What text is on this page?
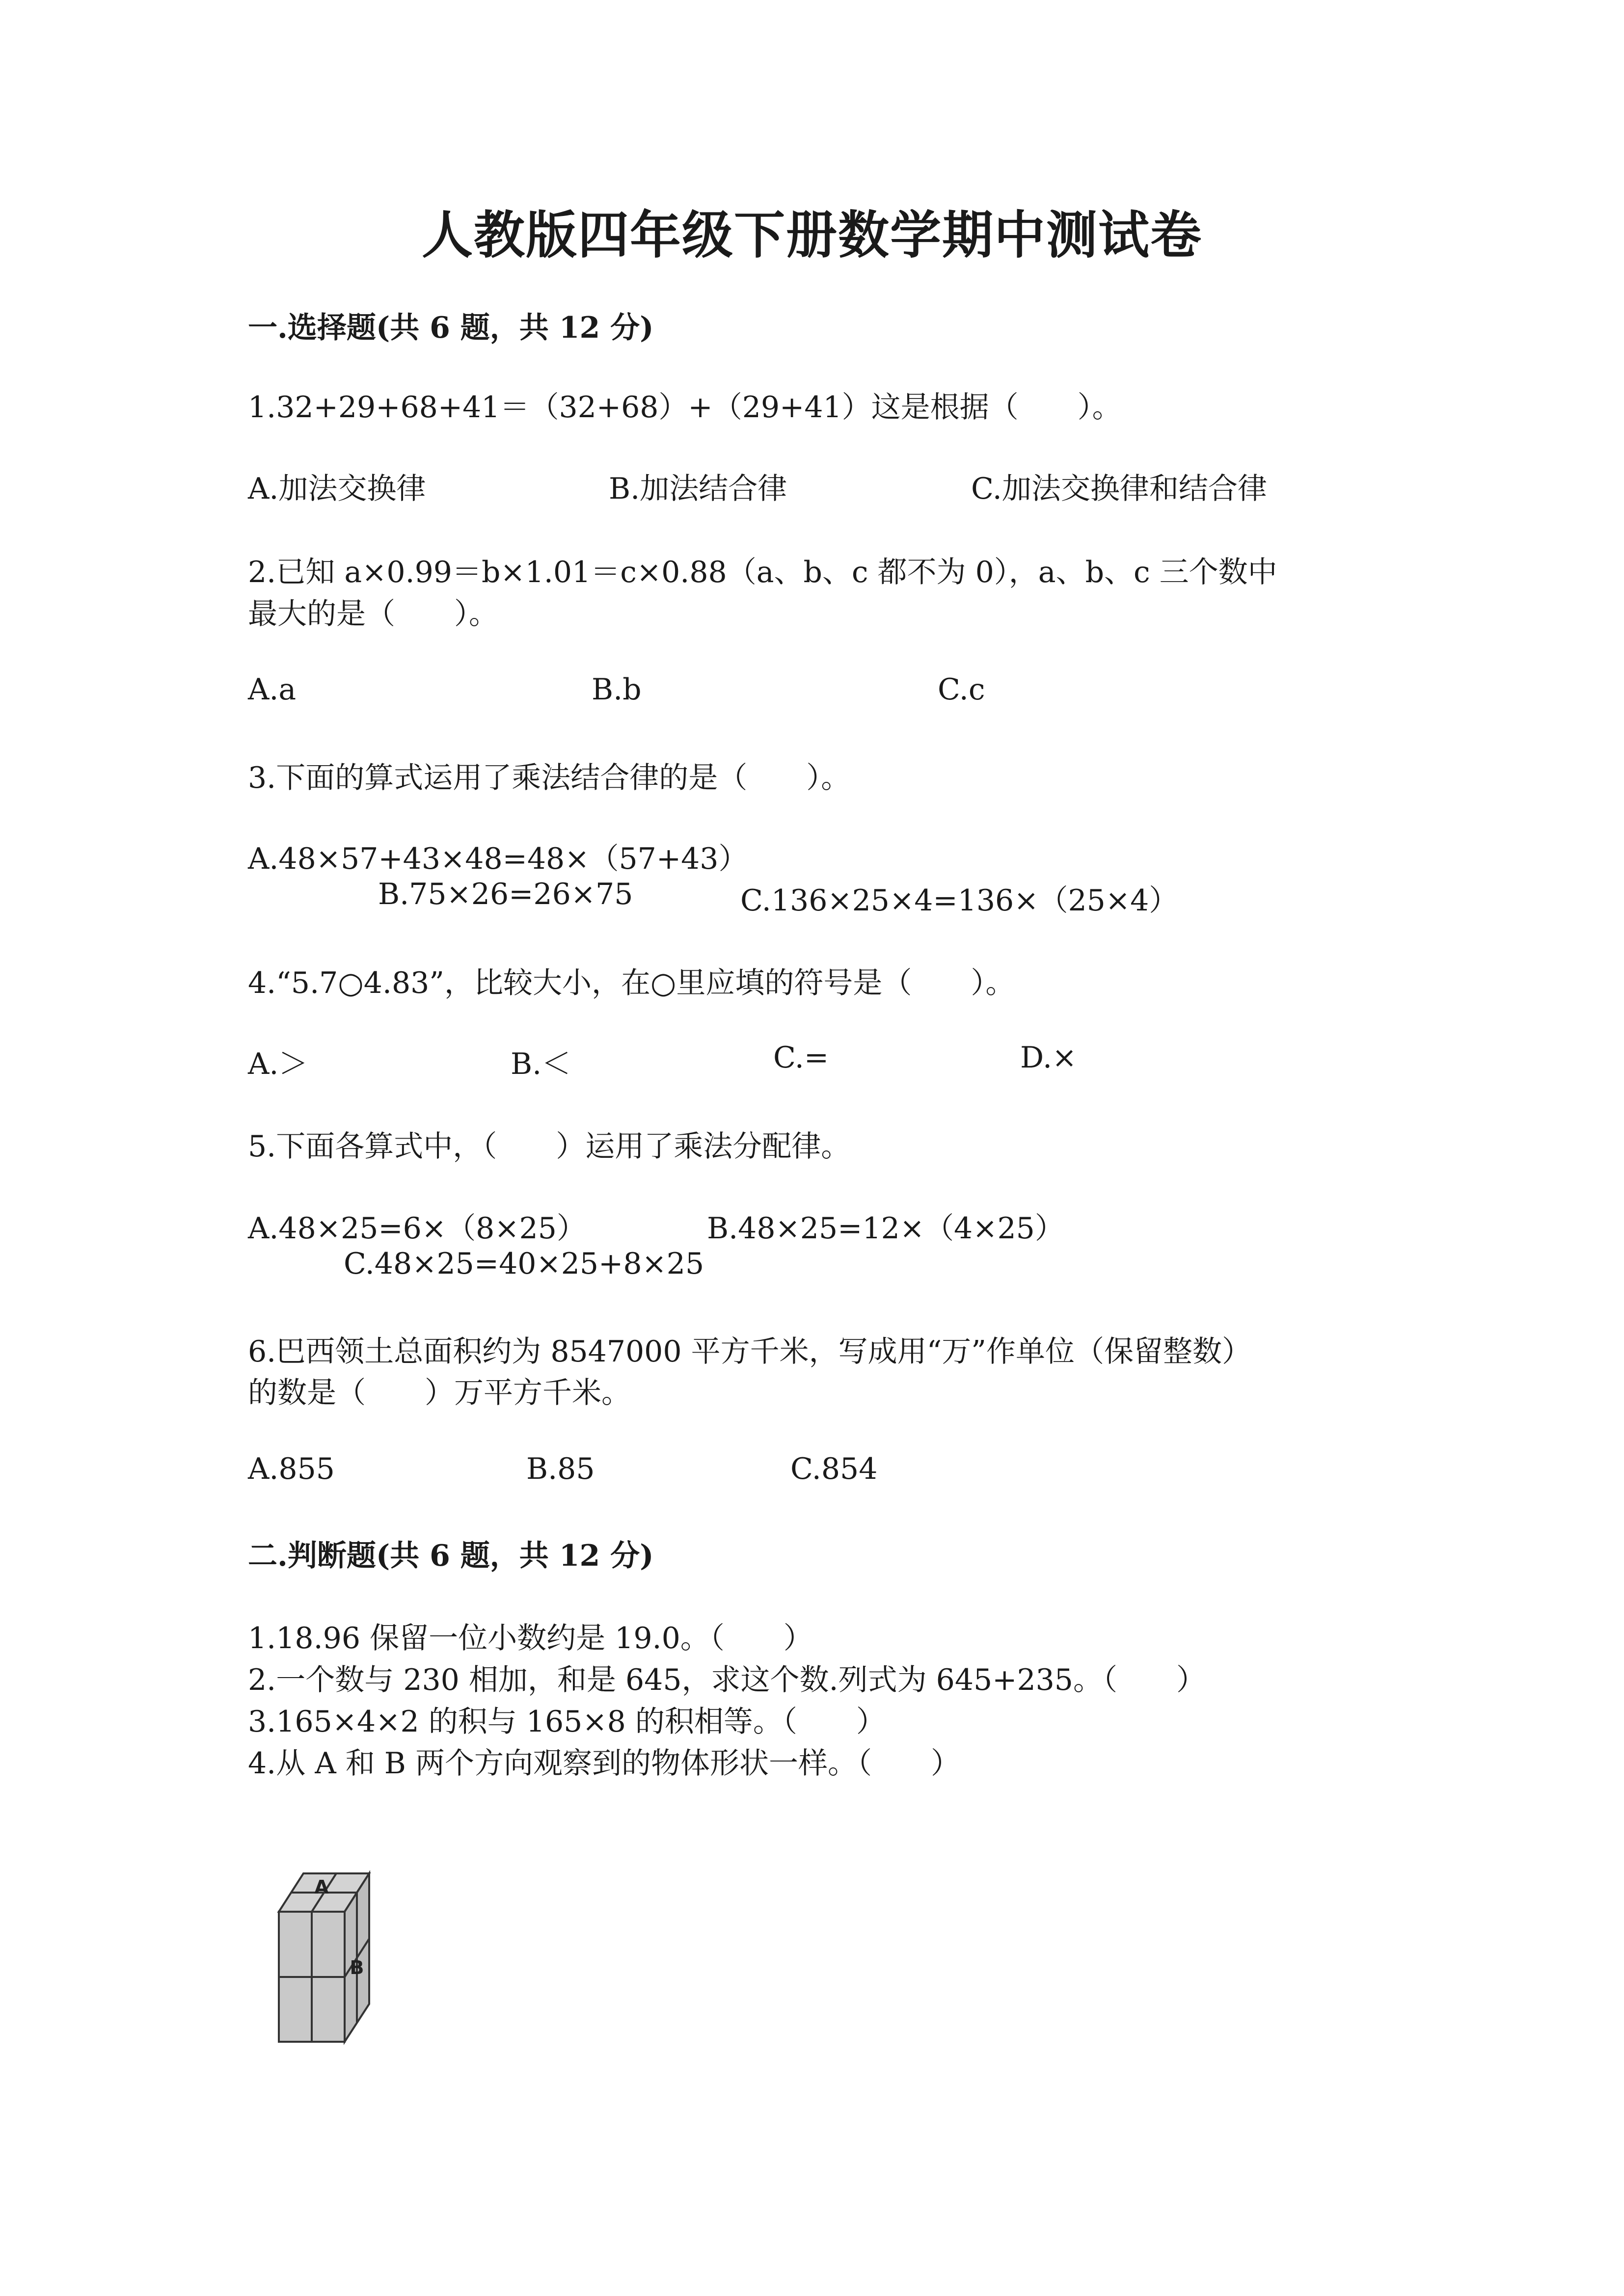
人教版四年级下册数学期中测试卷
一.选择题(共 6 题，共 12 分)
1.32+29+68+41＝（32+68）+（29+41）这是根据（　　）。
A.加法交换律	B.加法结合律	C.加法交换律和结合律
2.已知 a×0.99＝b×1.01＝c×0.88（a、b、c 都不为 0），a、b、c 三个数中
最大的是（　　）。
A.a	B.b	C.c
3.下面的算式运用了乘法结合律的是（　　）。
A.48×57+43×48=48×（57+43）
B.75×26=26×75	C.136×25×4=136×（25×4）
4.“5.7○4.83”，比较大小，在○里应填的符号是（　　）。
A.＞	B.＜	C.=	D.×
5.下面各算式中，（　　）运用了乘法分配律。
A.48×25=6×（8×25）	B.48×25=12×（4×25）
C.48×25=40×25+8×25
6.巴西领土总面积约为 8547000 平方千米，写成用“万”作单位（保留整数）
的数是（　　）万平方千米。
A.855	B.85	C.854
二.判断题(共 6 题，共 12 分)
1.18.96 保留一位小数约是 19.0。（　　）
2.一个数与 230 相加，和是 645，求这个数.列式为 645+235。（　　）
3.165×4×2 的积与 165×8 的积相等。（　　）
4.从 A 和 B 两个方向观察到的物体形状一样。（　　）
A
B
